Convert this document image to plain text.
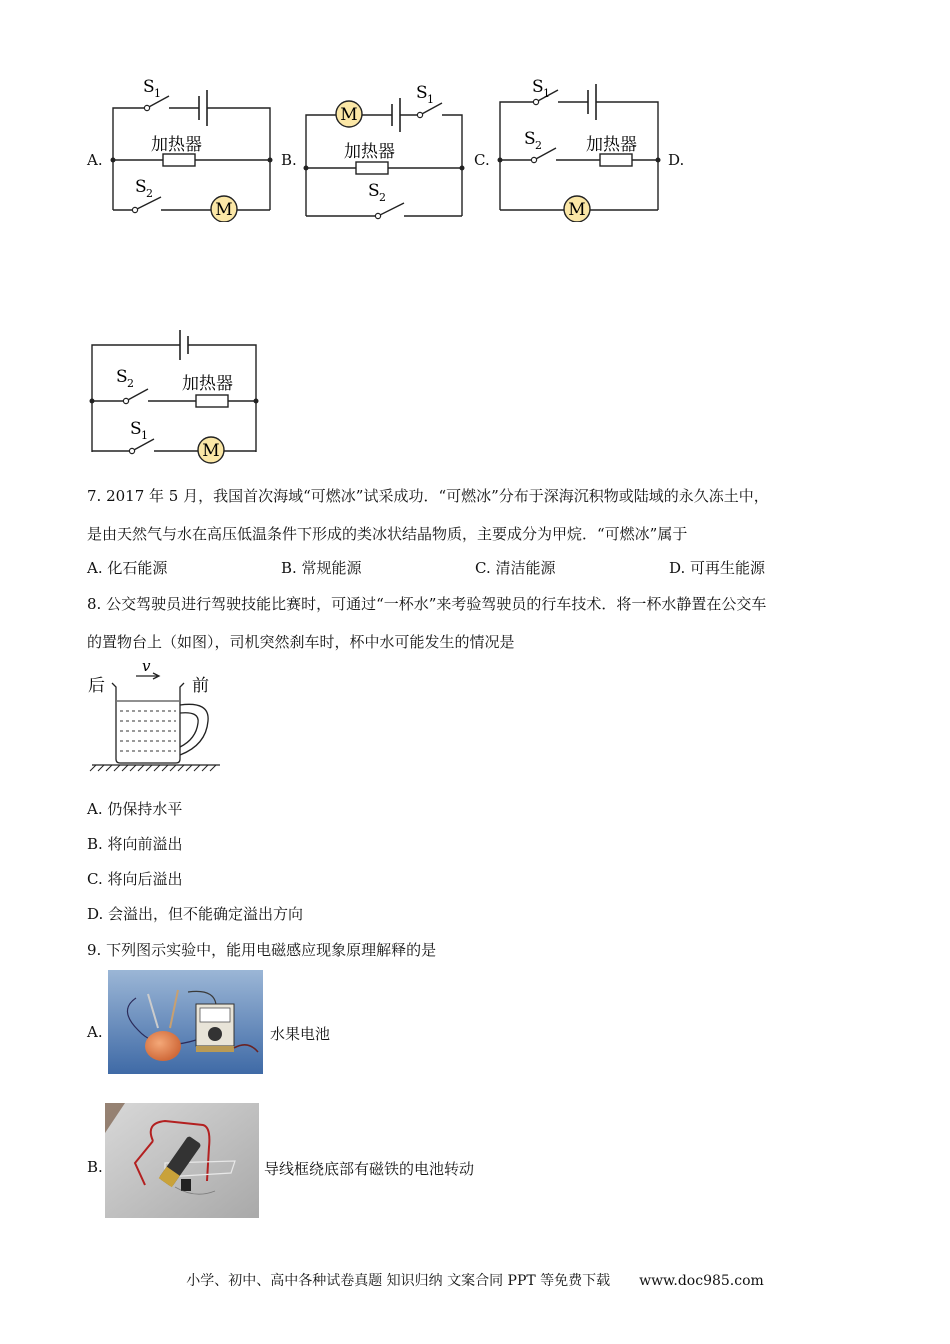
A.
M
S 1
S 2
加热器
B.
M
S 1
S 2
加热器	C.
M
S 1
S 2	加热器
D.
M
S 2
S 1
加热器
7. 2017 年 5 月，我国首次海域“可燃冰”试采成功．“可燃冰”分布于深海沉积物或陆域的永久冻土中，
是由天然气与水在高压低温条件下形成的类冰状结晶物质，主要成分为甲烷．“可燃冰”属于
A. 化石能源	B. 常规能源	C. 清洁能源	D. 可再生能源
8. 公交驾驶员进行驾驶技能比赛时，可通过“一杯水”来考验驾驶员的行车技术．将一杯水静置在公交车
的置物台上（如图），司机突然刹车时，杯中水可能发生的情况是
后	前
v
A. 仍保持水平
B. 将向前溢出
C. 将向后溢出
D. 会溢出，但不能确定溢出方向
9. 下列图示实验中，能用电磁感应现象原理解释的是
A.	水果电池
B.	导线框绕底部有磁铁的电池转动
小学、初中、高中各种试卷真题 知识归纳 文案合同 PPT 等免费下载 www.doc985.com
